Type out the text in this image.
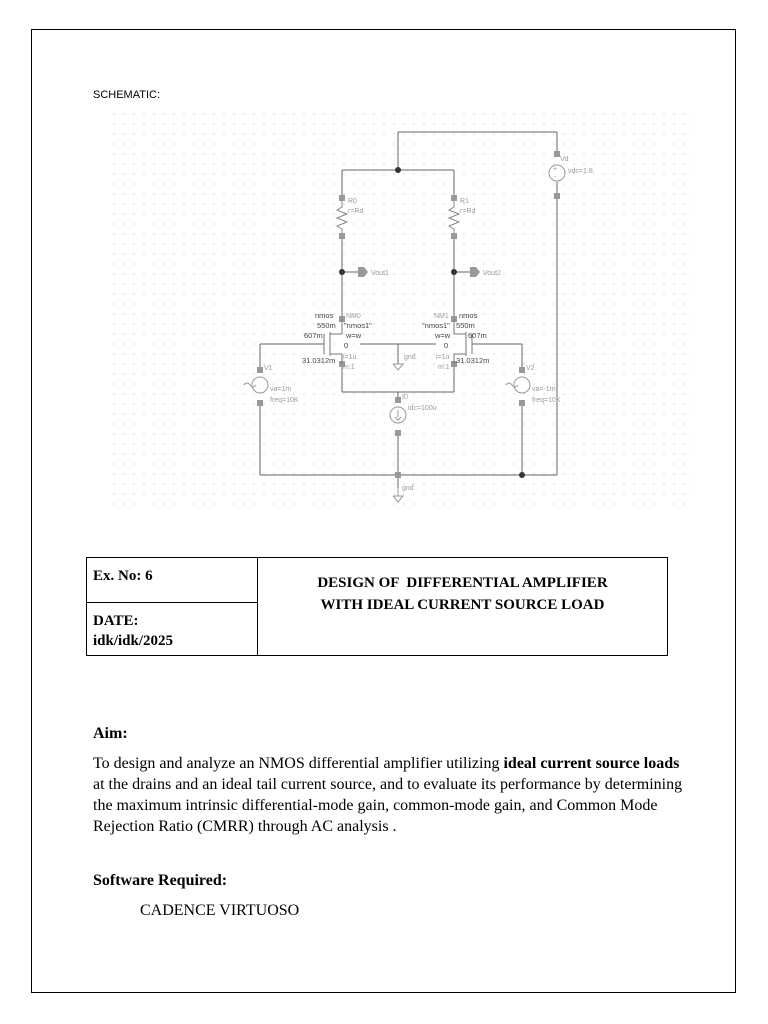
SCHEMATIC:
R0
r=Rd
R1
r=Rd
+
-
Vd
vdc=1.8
Vout1	Vout2
nmos NM0
550m "nmos1"
607m	w=w
0
i=1u
31.0312m
m:1
NM1 nmos
"nmos1" 550m
w=w 607m
0
i=1u 31.0312m
m:1
gnd
V1
va=1m
freq=10K
V2
va=-1m
freq=10K
I0
idc=100u
gnd
Ex. No: 6
DATE:
idk/idk/2025
DESIGN OF  DIFFERENTIAL AMPLIFIER
WITH IDEAL CURRENT SOURCE LOAD
Aim:
To design and analyze an NMOS differential amplifier utilizing ideal current source loads at the drains and an ideal tail current source, and to evaluate its performance by determining the maximum intrinsic differential-mode gain, common-mode gain, and Common Mode Rejection Ratio (CMRR) through AC analysis .
Software Required:
CADENCE VIRTUOSO
